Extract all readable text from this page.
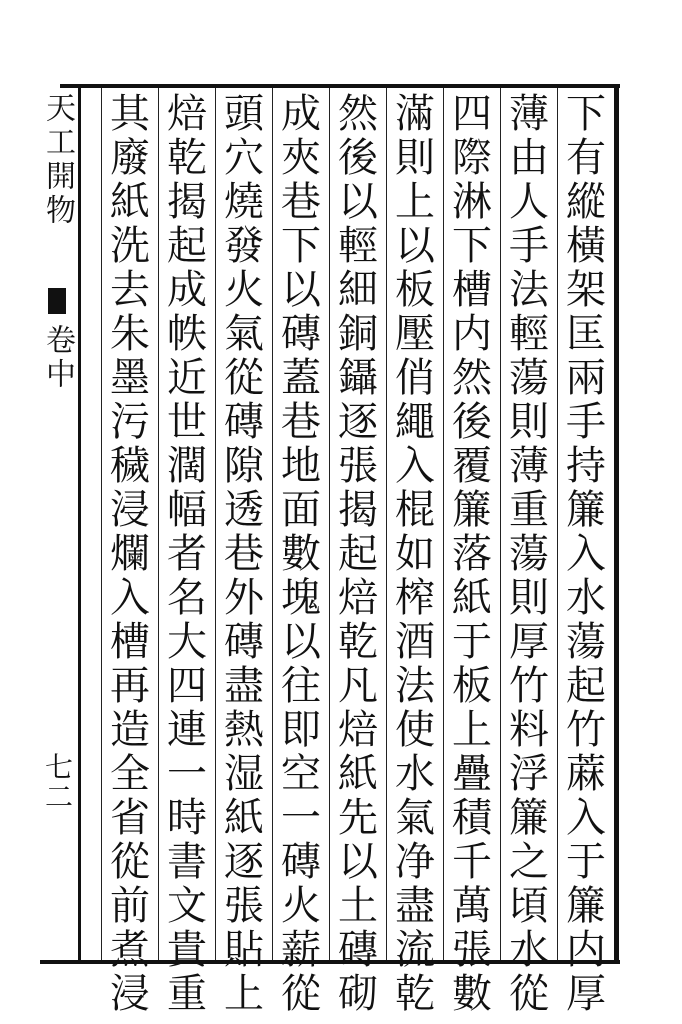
天工開物
卷中
七二
下
有
縱
橫
架
匡
兩
手
持
簾
入
水
蕩
起
竹
蔴
入
于
簾
内
厚
薄
由
人
手
法
輕
蕩
則
薄
重
蕩
則
厚
竹
料
浮
簾
之
頃
水
從
四
際
淋
下
槽
内
然
後
覆
簾
落
紙
于
板
上
疊
積
千
萬
張
數
滿
則
上
以
板
壓
俏
繩
入
棍
如
榨
酒
法
使
水
氣
净
盡
流
乾
然
後
以
輕
細
銅
鑷
逐
張
揭
起
焙
乾
凡
焙
紙
先
以
土
磚
砌
成
夾
巷
下
以
磚
蓋
巷
地
面
數
塊
以
往
即
空
一
磚
火
薪
從
頭
穴
燒
發
火
氣
從
磚
隙
透
巷
外
磚
盡
熱
湿
紙
逐
張
貼
上
焙
乾
揭
起
成
帙
近
世
濶
幅
者
名
大
四
連
一
時
書
文
貴
重
其
廢
紙
洗
去
朱
墨
污
穢
浸
爛
入
槽
再
造
全
省
從
前
煮
浸
